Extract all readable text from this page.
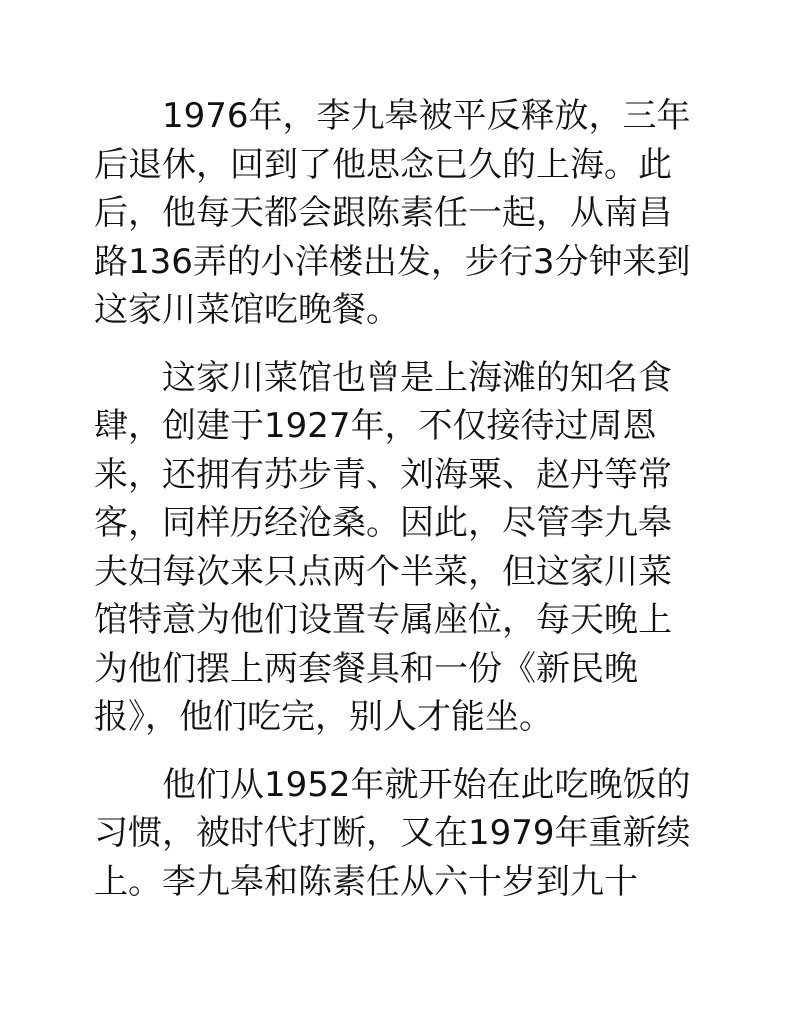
1976年，李九皋被平反释放，三年
后退休，回到了他思念已久的上海。此
后，他每天都会跟陈素任一起，从南昌
路136弄的小洋楼出发，步行3分钟来到
这家川菜馆吃晚餐。

这家川菜馆也曾是上海滩的知名食
肆，创建于1927年，不仅接待过周恩
来，还拥有苏步青、刘海粟、赵丹等常
客，同样历经沧桑。因此，尽管李九皋
夫妇每次来只点两个半菜，但这家川菜
馆特意为他们设置专属座位，每天晚上
为他们摆上两套餐具和一份《新民晚
报》，他们吃完，别人才能坐。

他们从1952年就开始在此吃晚饭的
习惯，被时代打断，又在1979年重新续
上。李九皋和陈素任从六十岁到九十
